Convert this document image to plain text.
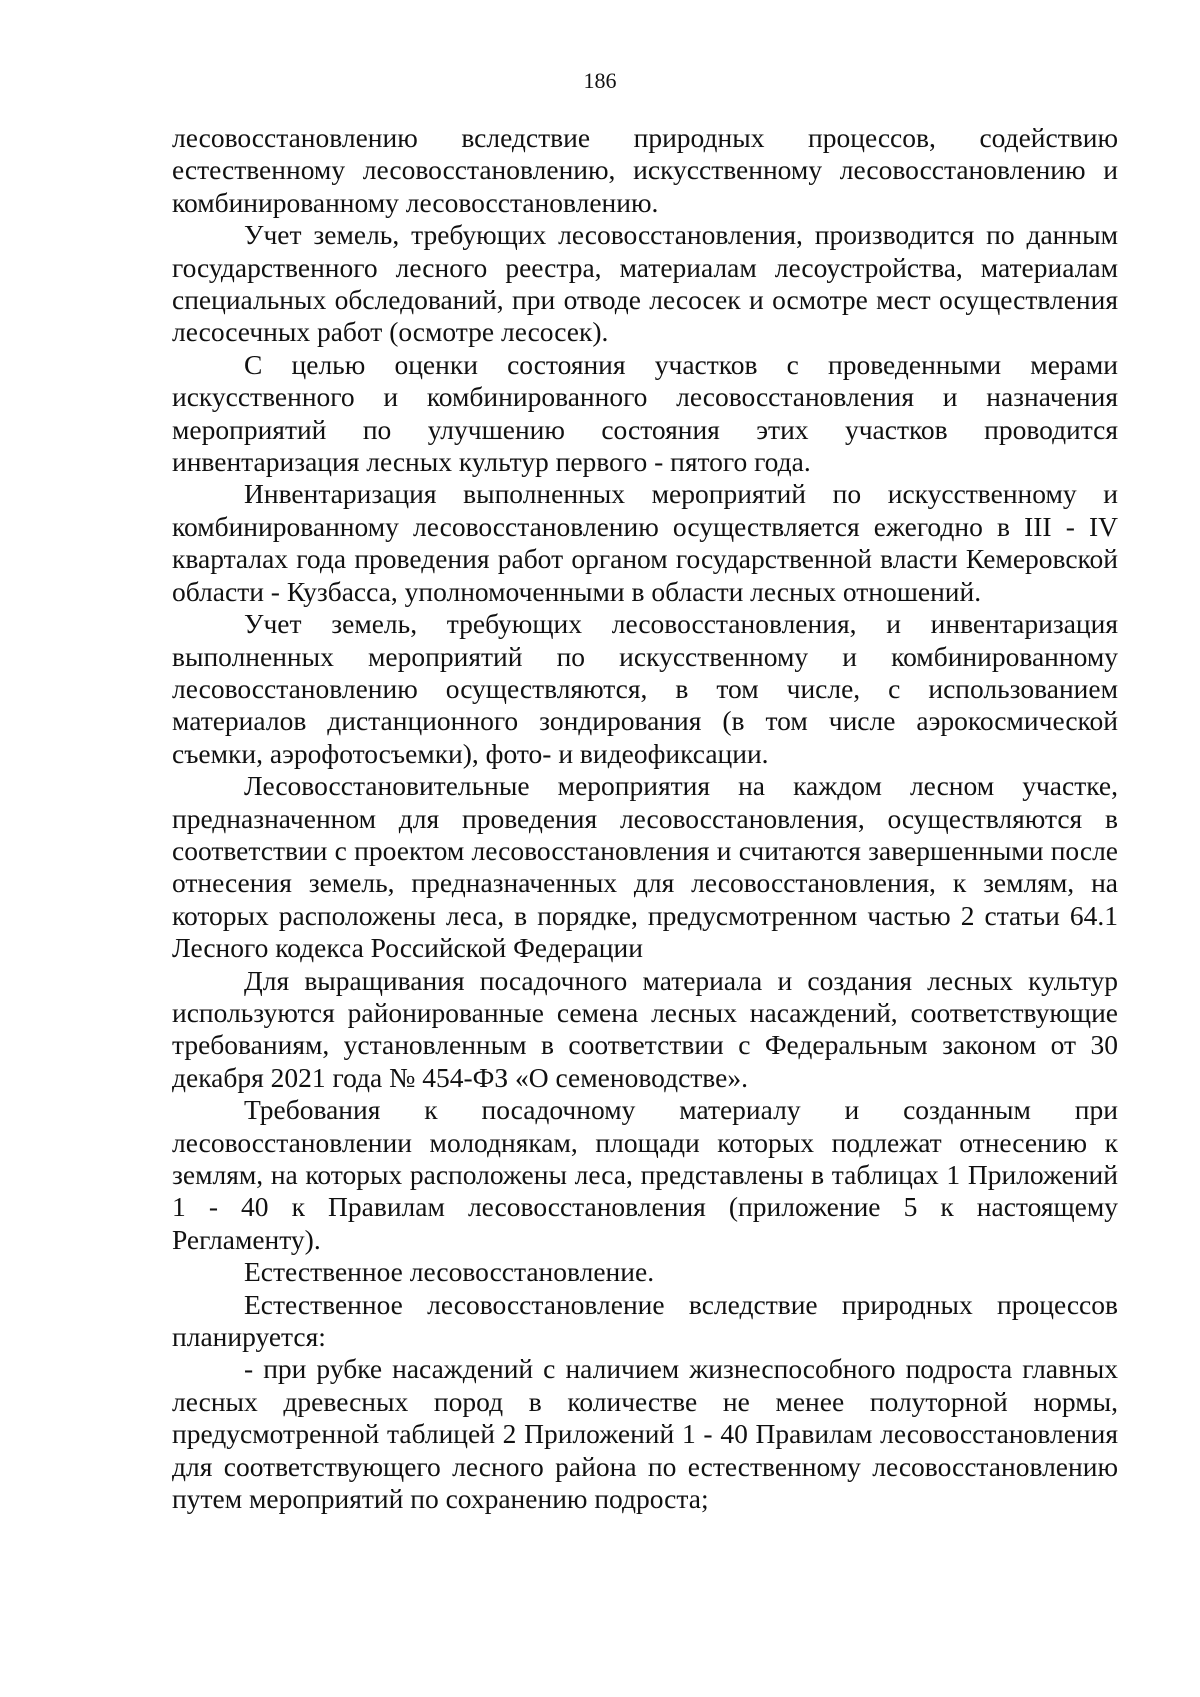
186

лесовосстановлению вследствие природных процессов, содействию естественному лесовосстановлению, искусственному лесовосстановлению и комбинированному лесовосстановлению.

Учет земель, требующих лесовосстановления, производится по данным государственного лесного реестра, материалам лесоустройства, материалам специальных обследований, при отводе лесосек и осмотре мест осуществления лесосечных работ (осмотре лесосек).

С целью оценки состояния участков с проведенными мерами искусственного и комбинированного лесовосстановления и назначения мероприятий по улучшению состояния этих участков проводится инвентаризация лесных культур первого - пятого года.

Инвентаризация выполненных мероприятий по искусственному и комбинированному лесовосстановлению осуществляется ежегодно в III - IV кварталах года проведения работ органом государственной власти Кемеровской области - Кузбасса, уполномоченными в области лесных отношений.

Учет земель, требующих лесовосстановления, и инвентаризация выполненных мероприятий по искусственному и комбинированному лесовосстановлению осуществляются, в том числе, с использованием материалов дистанционного зондирования (в том числе аэрокосмической съемки, аэрофотосъемки), фото- и видеофиксации.

Лесовосстановительные мероприятия на каждом лесном участке, предназначенном для проведения лесовосстановления, осуществляются в соответствии с проектом лесовосстановления и считаются завершенными после отнесения земель, предназначенных для лесовосстановления, к землям, на которых расположены леса, в порядке, предусмотренном частью 2 статьи 64.1 Лесного кодекса Российской Федерации

Для выращивания посадочного материала и создания лесных культур используются районированные семена лесных насаждений, соответствующие требованиям, установленным в соответствии с Федеральным законом от 30 декабря 2021 года № 454-ФЗ «О семеноводстве».

Требования к посадочному материалу и созданным при лесовосстановлении молоднякам, площади которых подлежат отнесению к землям, на которых расположены леса, представлены в таблицах 1 Приложений 1 - 40 к Правилам лесовосстановления (приложение 5 к настоящему Регламенту).

Естественное лесовосстановление.

Естественное лесовосстановление вследствие природных процессов планируется:

- при рубке насаждений с наличием жизнеспособного подроста главных лесных древесных пород в количестве не менее полуторной нормы, предусмотренной таблицей 2 Приложений 1 - 40 Правилам лесовосстановления для соответствующего лесного района по естественному лесовосстановлению путем мероприятий по сохранению подроста;
